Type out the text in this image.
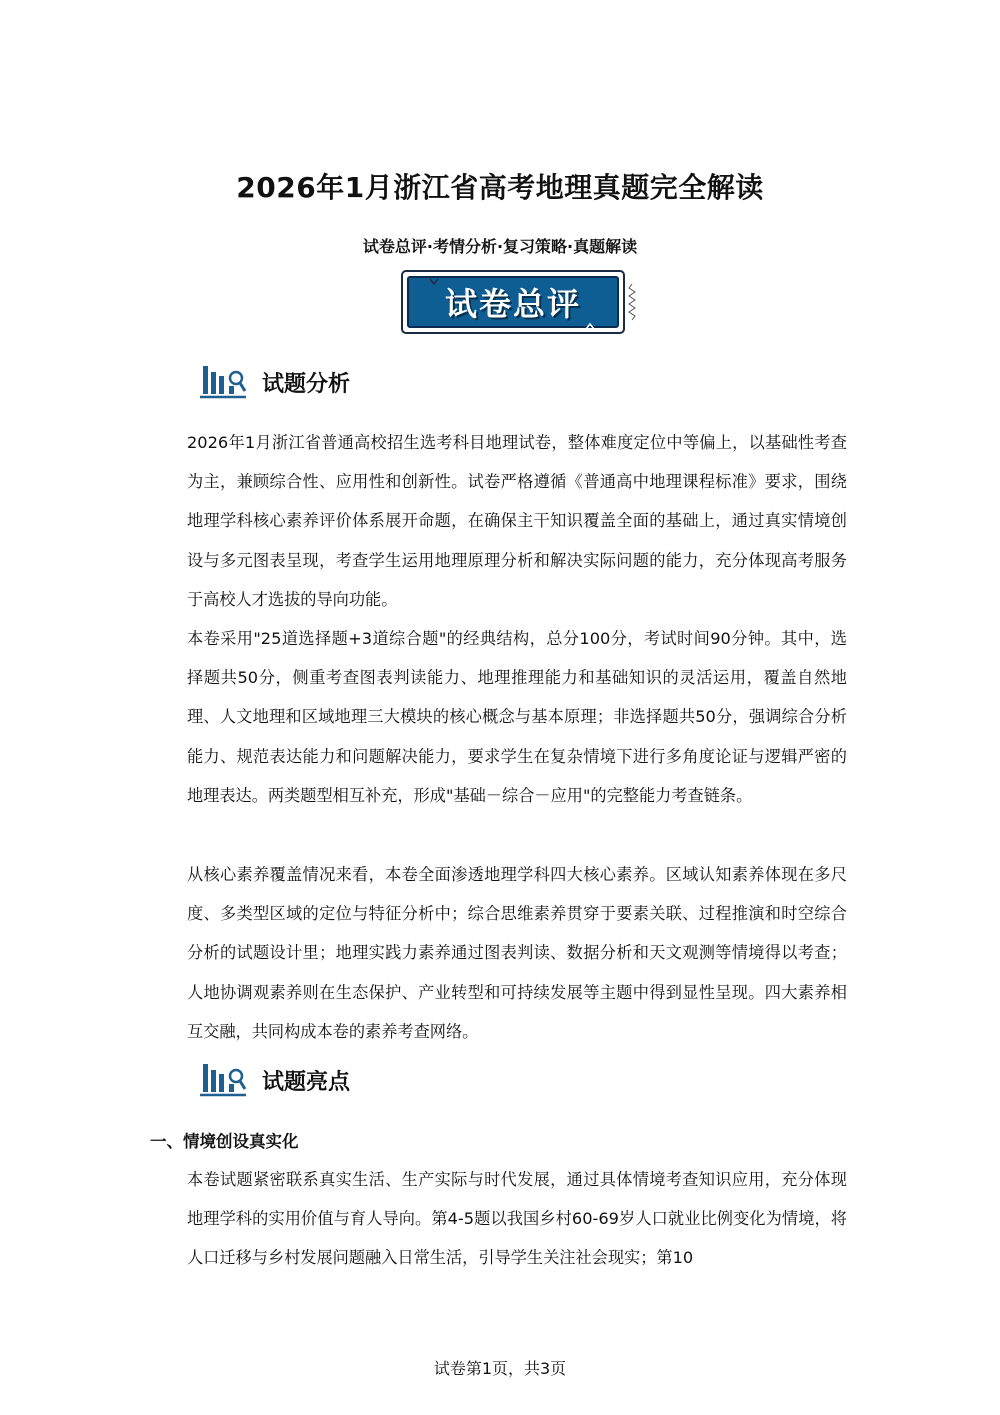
2026年1月浙江省高考地理真题完全解读
试卷总评·考情分析·复习策略·真题解读
试卷总评
试题分析
2026年1月浙江省普通高校招生选考科目地理试卷，整体难度定位中等偏上，以基础性考查为主，兼顾综合性、应用性和创新性。试卷严格遵循《普通高中地理课程标准》要求，围绕地理学科核心素养评价体系展开命题，在确保主干知识覆盖全面的基础上，通过真实情境创设与多元图表呈现，考查学生运用地理原理分析和解决实际问题的能力，充分体现高考服务于高校人才选拔的导向功能。
本卷采用"25道选择题+3道综合题"的经典结构，总分100分，考试时间90分钟。其中，选择题共50分，侧重考查图表判读能力、地理推理能力和基础知识的灵活运用，覆盖自然地理、人文地理和区域地理三大模块的核心概念与基本原理；非选择题共50分，强调综合分析能力、规范表达能力和问题解决能力，要求学生在复杂情境下进行多角度论证与逻辑严密的地理表达。两类题型相互补充，形成"基础－综合－应用"的完整能力考查链条。
从核心素养覆盖情况来看，本卷全面渗透地理学科四大核心素养。区域认知素养体现在多尺度、多类型区域的定位与特征分析中；综合思维素养贯穿于要素关联、过程推演和时空综合分析的试题设计里；地理实践力素养通过图表判读、数据分析和天文观测等情境得以考查；人地协调观素养则在生态保护、产业转型和可持续发展等主题中得到显性呈现。四大素养相互交融，共同构成本卷的素养考查网络。
试题亮点
一、情境创设真实化
本卷试题紧密联系真实生活、生产实际与时代发展，通过具体情境考查知识应用，充分体现地理学科的实用价值与育人导向。第4-5题以我国乡村60-69岁人口就业比例变化为情境，将人口迁移与乡村发展问题融入日常生活，引导学生关注社会现实；第10
试卷第1页，共3页
